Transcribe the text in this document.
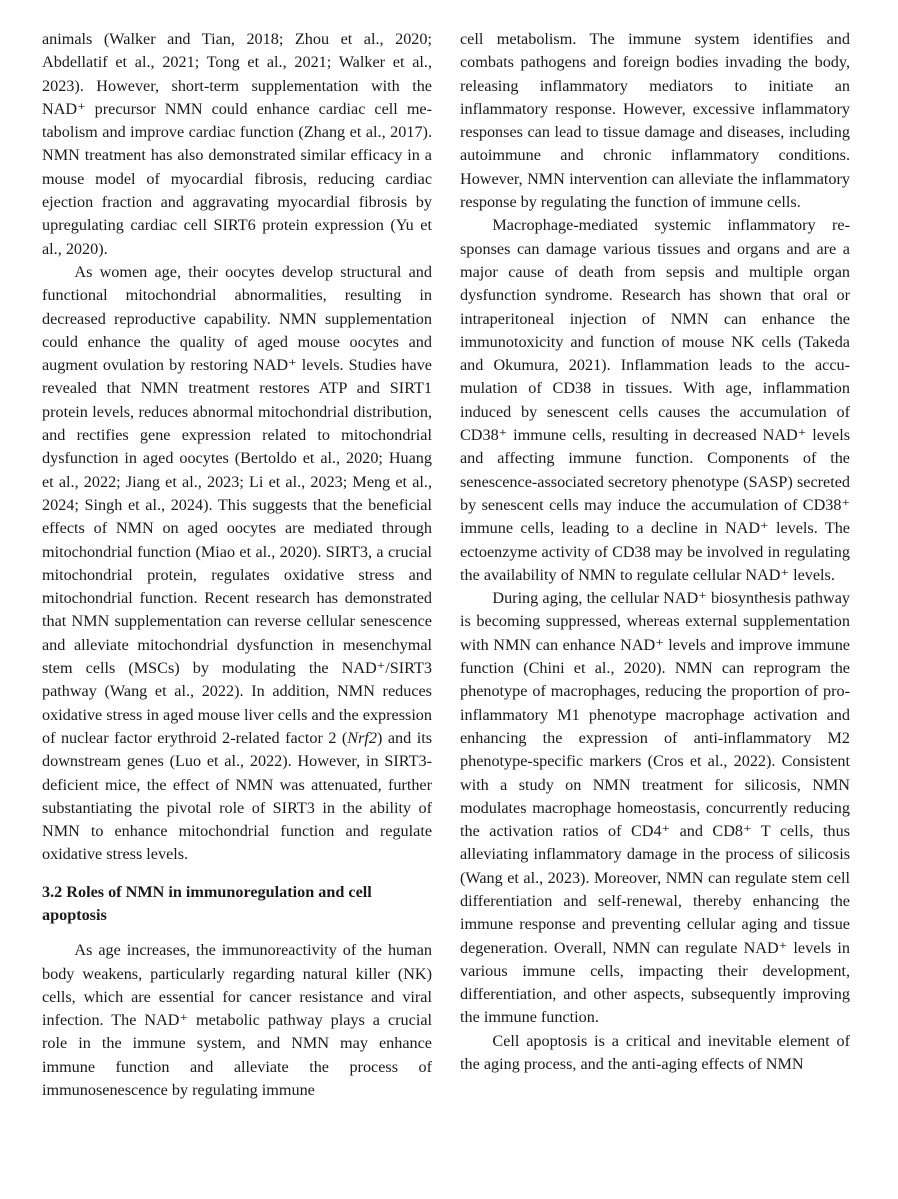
animals (Walker and Tian, 2018; Zhou et al., 2020; Abdellatif et al., 2021; Tong et al., 2021; Walker et al., 2023). However, short-term supplementation with the NAD⁺ precursor NMN could enhance cardiac cell metabolism and improve cardiac function (Zhang et al., 2017). NMN treatment has also demonstrated similar efficacy in a mouse model of myocardial fibrosis, reducing cardiac ejection fraction and aggravating myocardial fibrosis by upregulating cardiac cell SIRT6 protein expression (Yu et al., 2020).

As women age, their oocytes develop structural and functional mitochondrial abnormalities, resulting in decreased reproductive capability. NMN supplementation could enhance the quality of aged mouse oocytes and augment ovulation by restoring NAD⁺ levels. Studies have revealed that NMN treatment restores ATP and SIRT1 protein levels, reduces abnormal mitochondrial distribution, and rectifies gene expression related to mitochondrial dysfunction in aged oocytes (Bertoldo et al., 2020; Huang et al., 2022; Jiang et al., 2023; Li et al., 2023; Meng et al., 2024; Singh et al., 2024). This suggests that the beneficial effects of NMN on aged oocytes are mediated through mitochondrial function (Miao et al., 2020). SIRT3, a crucial mitochondrial protein, regulates oxidative stress and mitochondrial function. Recent research has demonstrated that NMN supplementation can reverse cellular senescence and alleviate mitochondrial dysfunction in mesenchymal stem cells (MSCs) by modulating the NAD⁺/SIRT3 pathway (Wang et al., 2022). In addition, NMN reduces oxidative stress in aged mouse liver cells and the expression of nuclear factor erythroid 2-related factor 2 (Nrf2) and its downstream genes (Luo et al., 2022). However, in SIRT3-deficient mice, the effect of NMN was attenuated, further substantiating the pivotal role of SIRT3 in the ability of NMN to enhance mitochondrial function and regulate oxidative stress levels.

3.2 Roles of NMN in immunoregulation and cell apoptosis

As age increases, the immunoreactivity of the human body weakens, particularly regarding natural killer (NK) cells, which are essential for cancer resistance and viral infection. The NAD⁺ metabolic pathway plays a crucial role in the immune system, and NMN may enhance immune function and alleviate the process of immunosenescence by regulating immune

cell metabolism. The immune system identifies and combats pathogens and foreign bodies invading the body, releasing inflammatory mediators to initiate an inflammatory response. However, excessive inflammatory responses can lead to tissue damage and diseases, including autoimmune and chronic inflammatory conditions. However, NMN intervention can alleviate the inflammatory response by regulating the function of immune cells.

Macrophage-mediated systemic inflammatory responses can damage various tissues and organs and are a major cause of death from sepsis and multiple organ dysfunction syndrome. Research has shown that oral or intraperitoneal injection of NMN can enhance the immunotoxicity and function of mouse NK cells (Takeda and Okumura, 2021). Inflammation leads to the accumulation of CD38 in tissues. With age, inflammation induced by senescent cells causes the accumulation of CD38⁺ immune cells, resulting in decreased NAD⁺ levels and affecting immune function. Components of the senescence-associated secretory phenotype (SASP) secreted by senescent cells may induce the accumulation of CD38⁺ immune cells, leading to a decline in NAD⁺ levels. The ectoenzyme activity of CD38 may be involved in regulating the availability of NMN to regulate cellular NAD⁺ levels.

During aging, the cellular NAD⁺ biosynthesis pathway is becoming suppressed, whereas external supplementation with NMN can enhance NAD⁺ levels and improve immune function (Chini et al., 2020). NMN can reprogram the phenotype of macrophages, reducing the proportion of pro-inflammatory M1 phenotype macrophage activation and enhancing the expression of anti-inflammatory M2 phenotype-specific markers (Cros et al., 2022). Consistent with a study on NMN treatment for silicosis, NMN modulates macrophage homeostasis, concurrently reducing the activation ratios of CD4⁺ and CD8⁺ T cells, thus alleviating inflammatory damage in the process of silicosis (Wang et al., 2023). Moreover, NMN can regulate stem cell differentiation and self-renewal, thereby enhancing the immune response and preventing cellular aging and tissue degeneration. Overall, NMN can regulate NAD⁺ levels in various immune cells, impacting their development, differentiation, and other aspects, subsequently improving the immune function.

Cell apoptosis is a critical and inevitable element of the aging process, and the anti-aging effects of NMN
